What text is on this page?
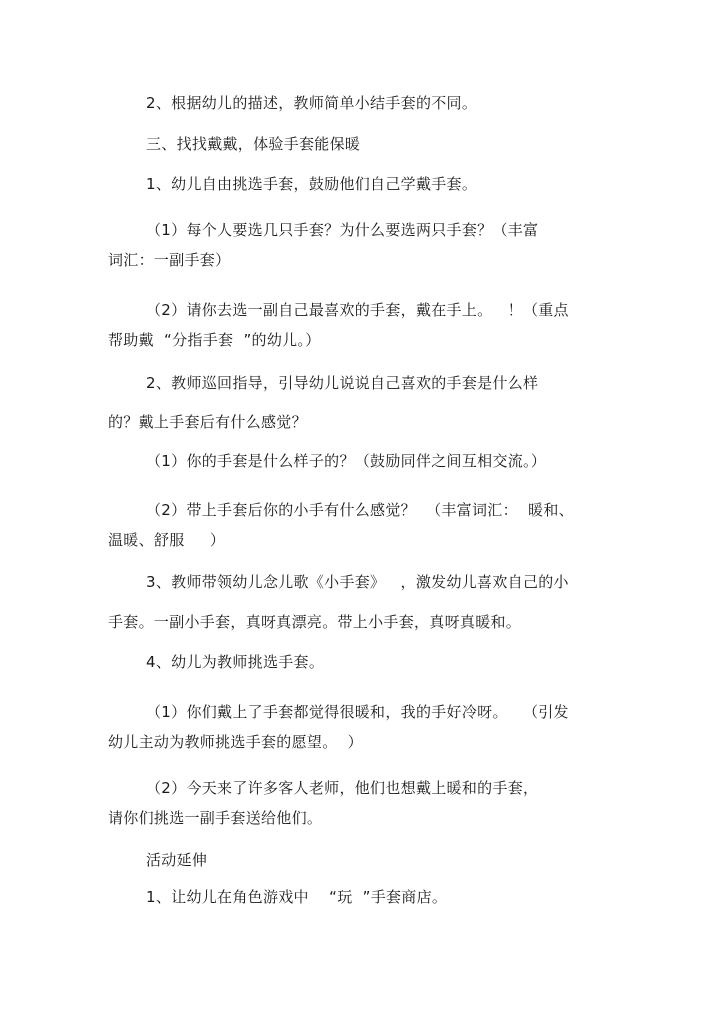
2、根据幼儿的描述，教师简单小结手套的不同。
三、找找戴戴，体验手套能保暖
1、幼儿自由挑选手套，鼓励他们自己学戴手套。
（1）每个人要选几只手套？为什么要选两只手套？（丰富
词汇：一副手套）
（2）请你去选一副自己最喜欢的手套，戴在手上。   ！（重点
帮助戴  “分指手套  ”的幼儿。）
2、教师巡回指导，引导幼儿说说自己喜欢的手套是什么样
的？戴上手套后有什么感觉？
（1）你的手套是什么样子的？（鼓励同伴之间互相交流。）
（2）带上手套后你的小手有什么感觉？  （丰富词汇：  暖和、
温暖、舒服     ）
3、教师带领幼儿念儿歌《小手套》   ，激发幼儿喜欢自己的小
手套。一副小手套，真呀真漂亮。带上小手套，真呀真暖和。
4、幼儿为教师挑选手套。
（1）你们戴上了手套都觉得很暖和，我的手好冷呀。   （引发
幼儿主动为教师挑选手套的愿望。  ）
（2）今天来了许多客人老师，他们也想戴上暖和的手套，
请你们挑选一副手套送给他们。
活动延伸
1、让幼儿在角色游戏中    “玩  ”手套商店。
